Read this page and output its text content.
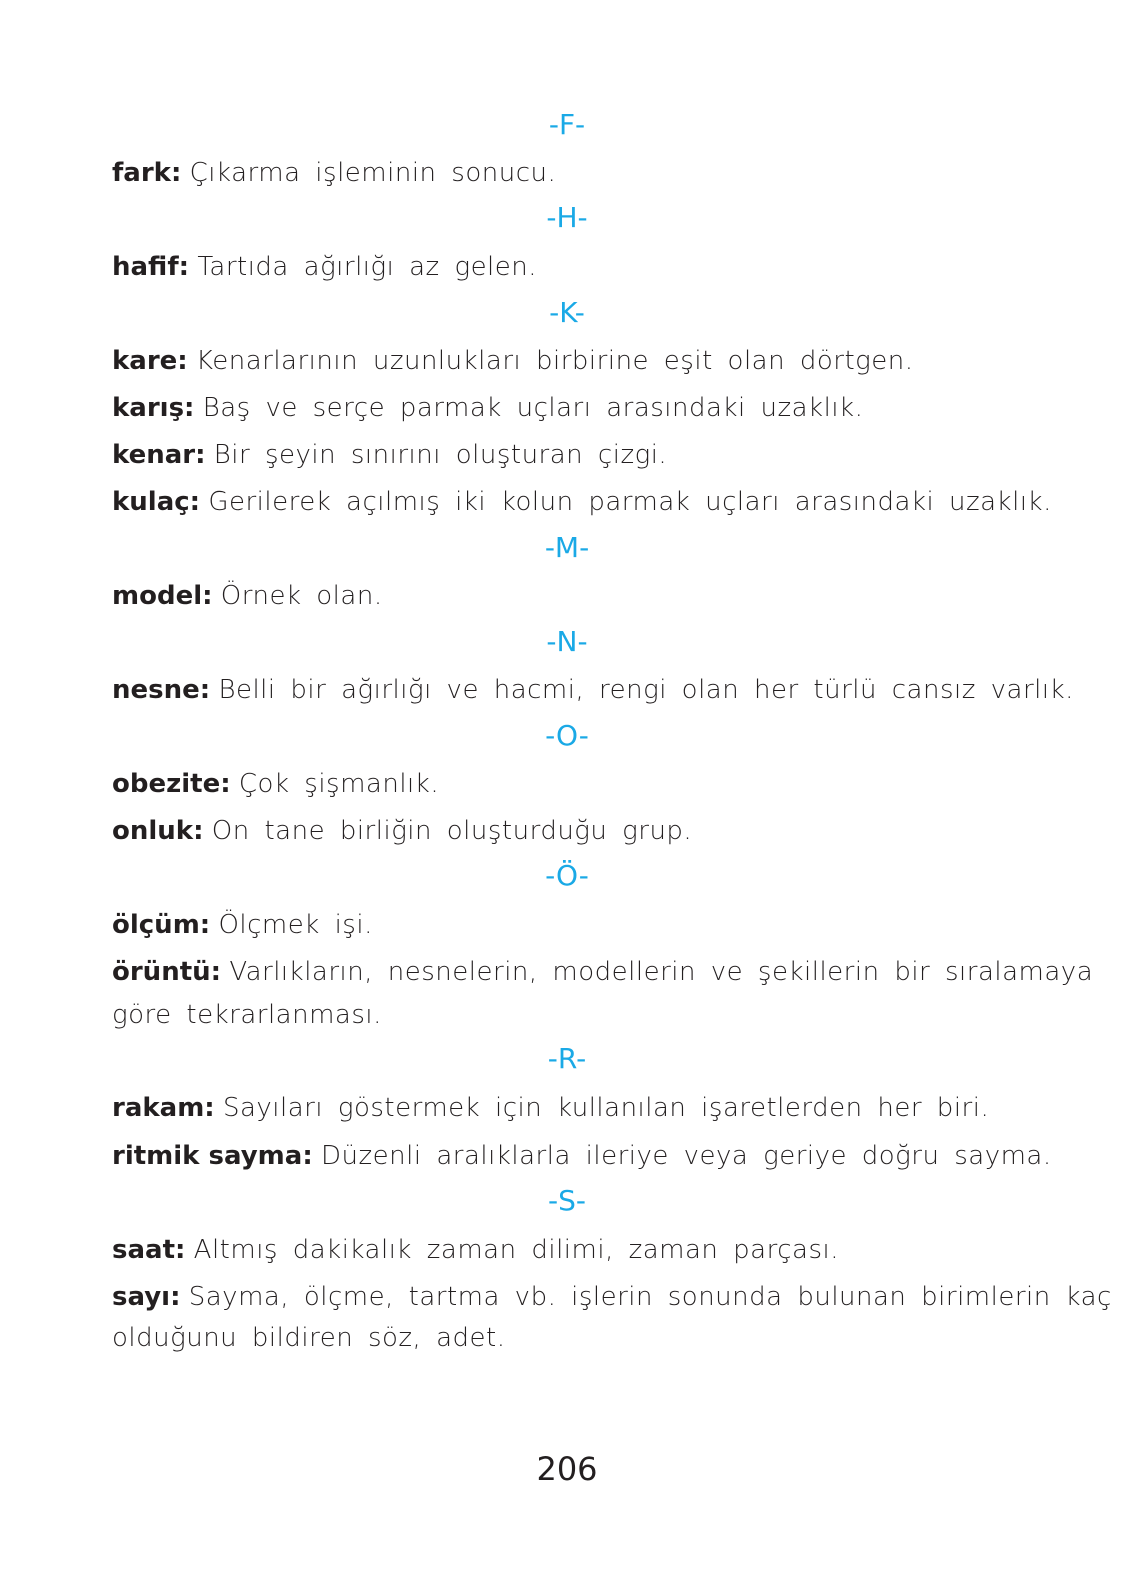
-F-
fark: Çıkarma işleminin sonucu.
-H-
hafif: Tartıda ağırlığı az gelen.
-K-
kare: Kenarlarının uzunlukları birbirine eşit olan dörtgen.
karış: Baş ve serçe parmak uçları arasındaki uzaklık.
kenar: Bir şeyin sınırını oluşturan çizgi.
kulaç: Gerilerek açılmış iki kolun parmak uçları arasındaki uzaklık.
-M-
model: Örnek olan.
-N-
nesne: Belli bir ağırlığı ve hacmi, rengi olan her türlü cansız varlık.
-O-
obezite: Çok şişmanlık.
onluk: On tane birliğin oluşturduğu grup.
-Ö-
ölçüm: Ölçmek işi.
örüntü: Varlıkların, nesnelerin, modellerin ve şekillerin bir sıralamaya
göre tekrarlanması.
-R-
rakam: Sayıları göstermek için kullanılan işaretlerden her biri.
ritmik sayma: Düzenli aralıklarla ileriye veya geriye doğru sayma.
-S-
saat: Altmış dakikalık zaman dilimi, zaman parçası.
sayı: Sayma, ölçme, tartma vb. işlerin sonunda bulunan birimlerin kaç
olduğunu bildiren söz, adet.
206
